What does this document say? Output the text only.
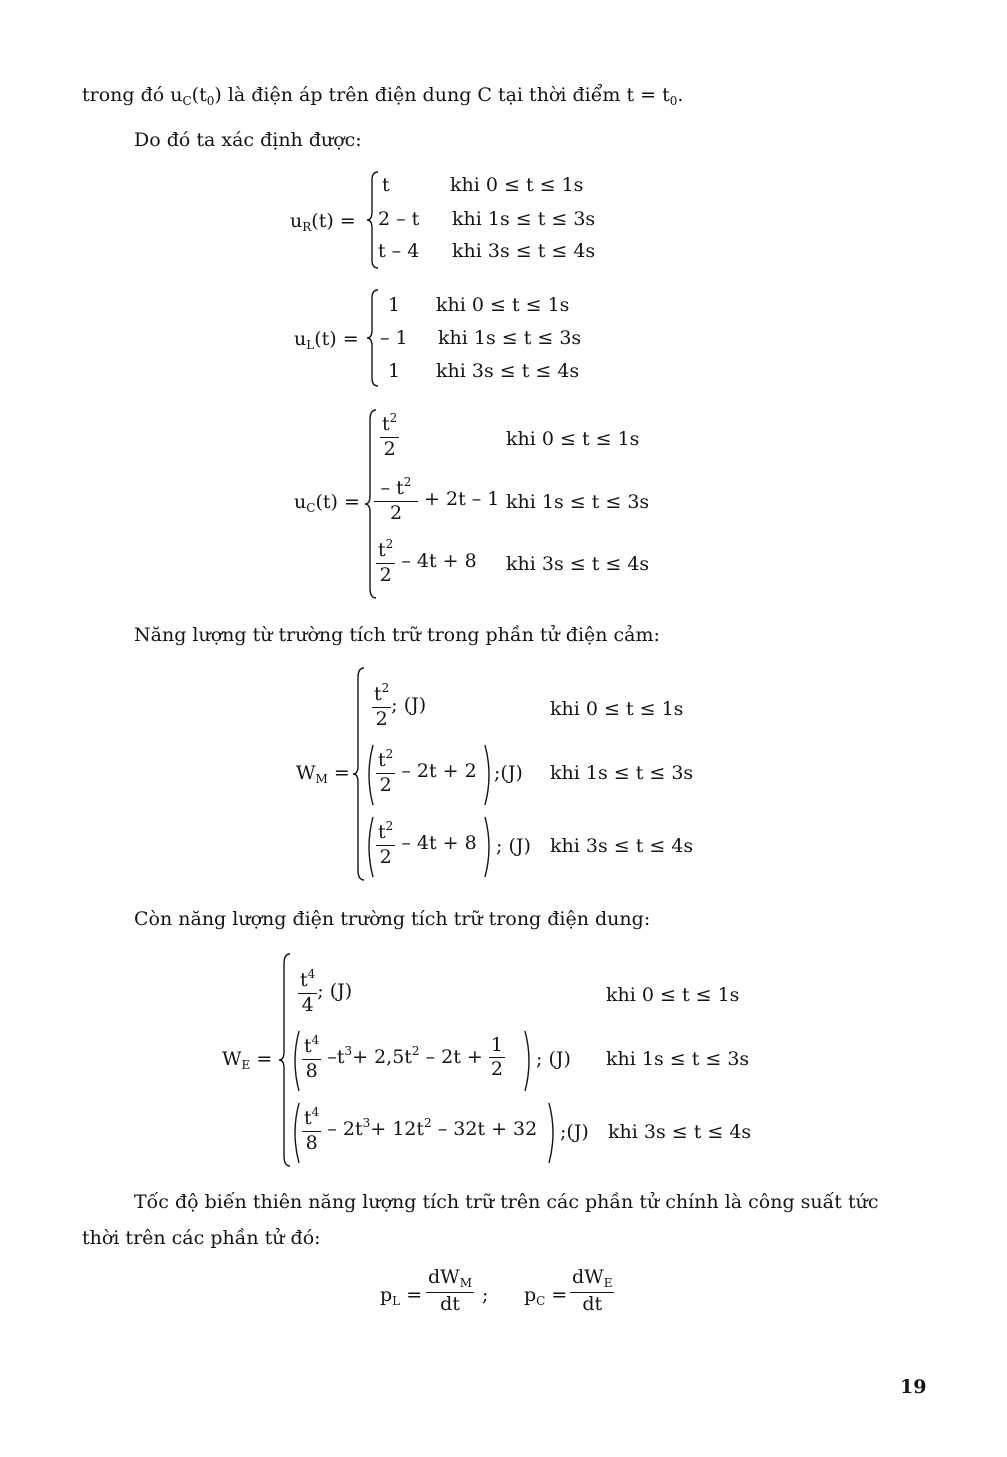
trong đó $u_C(t_0)$ là điện áp trên điện dung C tại thời điểm $t = t_0$.
Do đó ta xác định được:
$u_R(t)$ =
t	khi 0 ≤ t ≤ 1s
2 – t khi 1s ≤ t ≤ 3s
t – 4 khi 3s ≤ t ≤ 4s
$u_L(t)$ =
1 khi 0 ≤ t ≤ 1s
– 1 khi 1s ≤ t ≤ 3s
1 khi 3s ≤ t ≤ 4s
$u_C(t)$ =
$\frac{t^2}{2}$	khi 0 ≤ t ≤ 1s
$\frac{- t^2}{2} + 2t - 1$ khi 1s ≤ t ≤ 3s
$\frac{t^2}{2} - 4t + 8$ khi 3s ≤ t ≤ 4s
Năng lượng từ trường tích trữ trong phần tử điện cảm:
$W_M$ =
$\frac{t^2}{2}$ ; (J)	khi 0 ≤ t ≤ 1s
$\frac{t^2}{2} - 2t + 2$ ;(J) khi 1s ≤ t ≤ 3s
$\frac{t^2}{2} - 4t + 8$ ; (J) khi 3s ≤ t ≤ 4s
Còn năng lượng điện trường tích trữ trong điện dung:
$W_E$ =
$\frac{t^4}{4}$ ; (J)	khi 0 ≤ t ≤ 1s
$\frac{t^4}{8} -t^3+ 2,5t^2 - 2t + \frac{1}{2}$ ; (J) khi 1s ≤ t ≤ 3s
$\frac{t^4}{8} - 2t^3+ 12t^2 - 32t + 32$ ;(J) khi 3s ≤ t ≤ 4s
Tốc độ biến thiên năng lượng tích trữ trên các phần tử chính là công suất tức
thời trên các phần tử đó:
$p_L = \frac{dW_M}{dt}$ ; $p_C = \frac{dW_E}{dt}$
19
